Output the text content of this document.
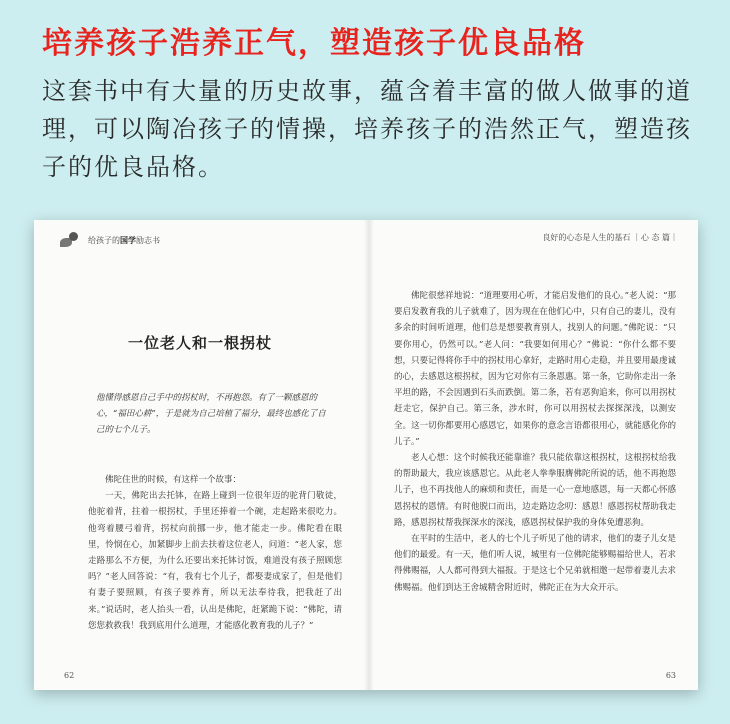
培养孩子浩养正气，塑造孩子优良品格
这套书中有大量的历史故事，蕴含着丰富的做人做事的道理，可以陶冶孩子的情操，培养孩子的浩然正气，塑造孩子的优良品格。
给孩子的国学励志书
一位老人和一根拐杖
他懂得感恩自己手中的拐杖时，不再抱怨。有了一颗感恩的心，“福田心耕”，于是就为自己培植了福分，最终也感化了自己的七个儿子。

佛陀住世的时候，有这样一个故事：

一天，佛陀出去托钵，在路上碰到一位很年迈的驼背门敬徒，他驼着背，拄着一根拐杖，手里还捧着一个碗，走起路来很吃力。他弯着腰弓着背，拐杖向前挪一步，他才能走一步。佛陀看在眼里，怜悯在心，加紧脚步上前去扶着这位老人，问道：“老人家，您走路那么不方便，为什么还要出来托钵讨饭，难道没有孩子照顾您吗？”老人回答说：“有，我有七个儿子，都娶妻成家了，但是他们有妻子要照顾，有孩子要养育，所以无法奉待我，把我赶了出来。”说话时，老人抬头一看，认出是佛陀，赶紧跪下说：“佛陀，请您您救救我！我到底用什么道理，才能感化教育我的儿子？”

62
良好的心态是人生的基石 ｜心 态 篇｜

佛陀很慈祥地说：“道理要用心听，才能启发他们的良心。”老人说：“那要启发教育我的儿子就难了，因为现在在他们心中，只有自己的妻儿，没有多余的时间听道理，他们总是想要教育别人，找别人的问题。”佛陀说：“只要你用心，仍然可以。”老人问：“我要如何用心？”佛说：“你什么都不要想，只要记得将你手中的拐杖用心拿好，走路时用心走稳，并且要用最虔诚的心，去感恩这根拐杖，因为它对你有三条恩惠。第一条，它助你走出一条平坦的路，不会因遇到石头而跌倒。第二条，若有恶狗追来，你可以用拐杖赶走它，保护自己。第三条，涉水时，你可以用拐杖去探探深浅，以测安全。这一切你都要用心感恩它，如果你的意念言语都很用心，就能感化你的儿子。”

老人心想：这个时候我还能靠谁？我只能依靠这根拐杖，这根拐杖给我的帮助最大，我应该感恩它。从此老人拳拳服膺佛陀所说的话，他不再抱怨儿子，也不再找他人的麻烦和责任，而是一心一意地感恩，每一天都心怀感恩拐杖的恩情。有时他脱口而出，边走路边念叨：感恩！感恩拐杖帮助我走路，感恩拐杖帮我探深水的深浅，感恩拐杖保护我的身体免遭恶狗。

在平时的生活中，老人的七个儿子听见了他的请求，他们的妻子儿女是他们的最爱。有一天，他们听人说，城里有一位佛陀能够赐福给世人，若求得佛赐福，人人都可得到大福报。于是这七个兄弟就相邀一起带着妻儿去求佛赐福。他们到达王舍城精舍附近时，佛陀正在为大众开示。

63
